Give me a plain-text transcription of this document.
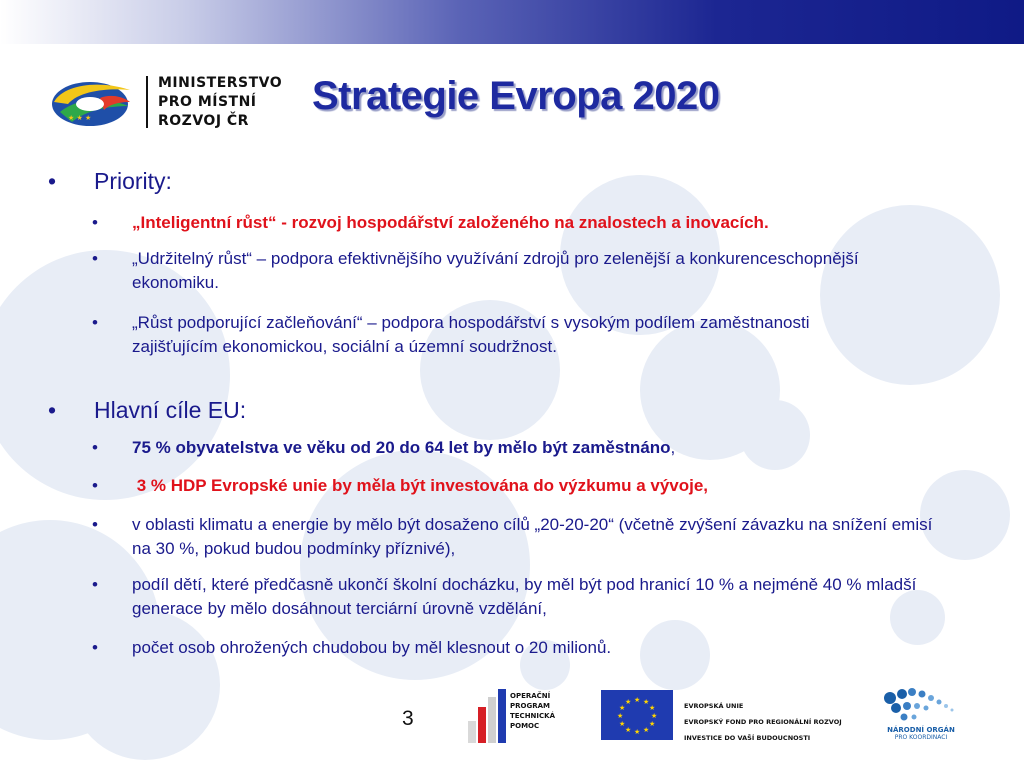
★ ★ ★
MINISTERSTVO
PRO MÍSTNÍ
ROZVOJ ČR
Strategie Evropa 2020
• Priority:
• „Inteligentní růst“ - rozvoj hospodářství založeného na znalostech a inovacích.
• „Udržitelný růst“ – podpora efektivnějšího využívání zdrojů pro zelenější a konkurenceschopnější ekonomiku.
• „Růst podporující začleňování“ – podpora hospodářství s vysokým podílem zaměstnanosti zajišťujícím ekonomickou, sociální a územní soudržnost.
• Hlavní cíle EU:
• 75 % obyvatelstva ve věku od 20 do 64 let by mělo být zaměstnáno,
• 3 % HDP Evropské unie by měla být investována do výzkumu a vývoje,
• v oblasti klimatu a energie by mělo být dosaženo cílů „20-20-20“ (včetně zvýšení závazku na snížení emisí na 30 %, pokud budou podmínky příznivé),
• podíl dětí, které předčasně ukončí školní docházku, by měl být pod hranicí 10 % a nejméně 40 % mladší generace by mělo dosáhnout terciární úrovně vzdělání,
• počet osob ohrožených chudobou by měl klesnout o 20 milionů.
3
OPERAČNÍ
PROGRAM
TECHNICKÁ
POMOC
★ ★
★
★
★
★
★
★
★
★
★
★	EVROPSKÁ UNIE
EVROPSKÝ FOND PRO REGIONÁLNÍ ROZVOJ
INVESTICE DO VAŠÍ BUDOUCNOSTI
NÁRODNÍ ORGÁN
PRO KOORDINACI
